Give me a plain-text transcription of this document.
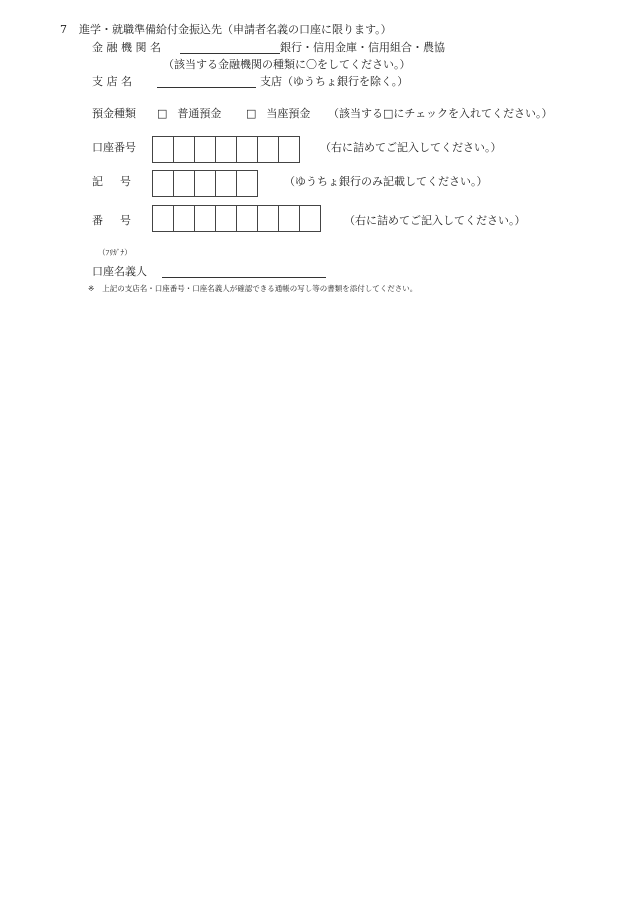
7 進学・就職準備給付金振込先（申請者名義の口座に限ります。）
金 融 機 関 名	銀行・信用金庫・信用組合・農協
（該当する金融機関の種類に〇をしてください。）
支 店 名	支店（ゆうちょ銀行を除く。）
預金種類 □ 普通預金 □ 当座預金 （該当する□にチェックを入れてください。）
口座番号	（右に詰めてご記入してください。）
記　号	（ゆうちょ銀行のみ記載してください。）
番　号	（右に詰めてご記入してください。）
（ﾌﾘｶﾞﾅ）
口座名義人
※ 上記の支店名・口座番号・口座名義人が確認できる通帳の写し等の書類を添付してください。
